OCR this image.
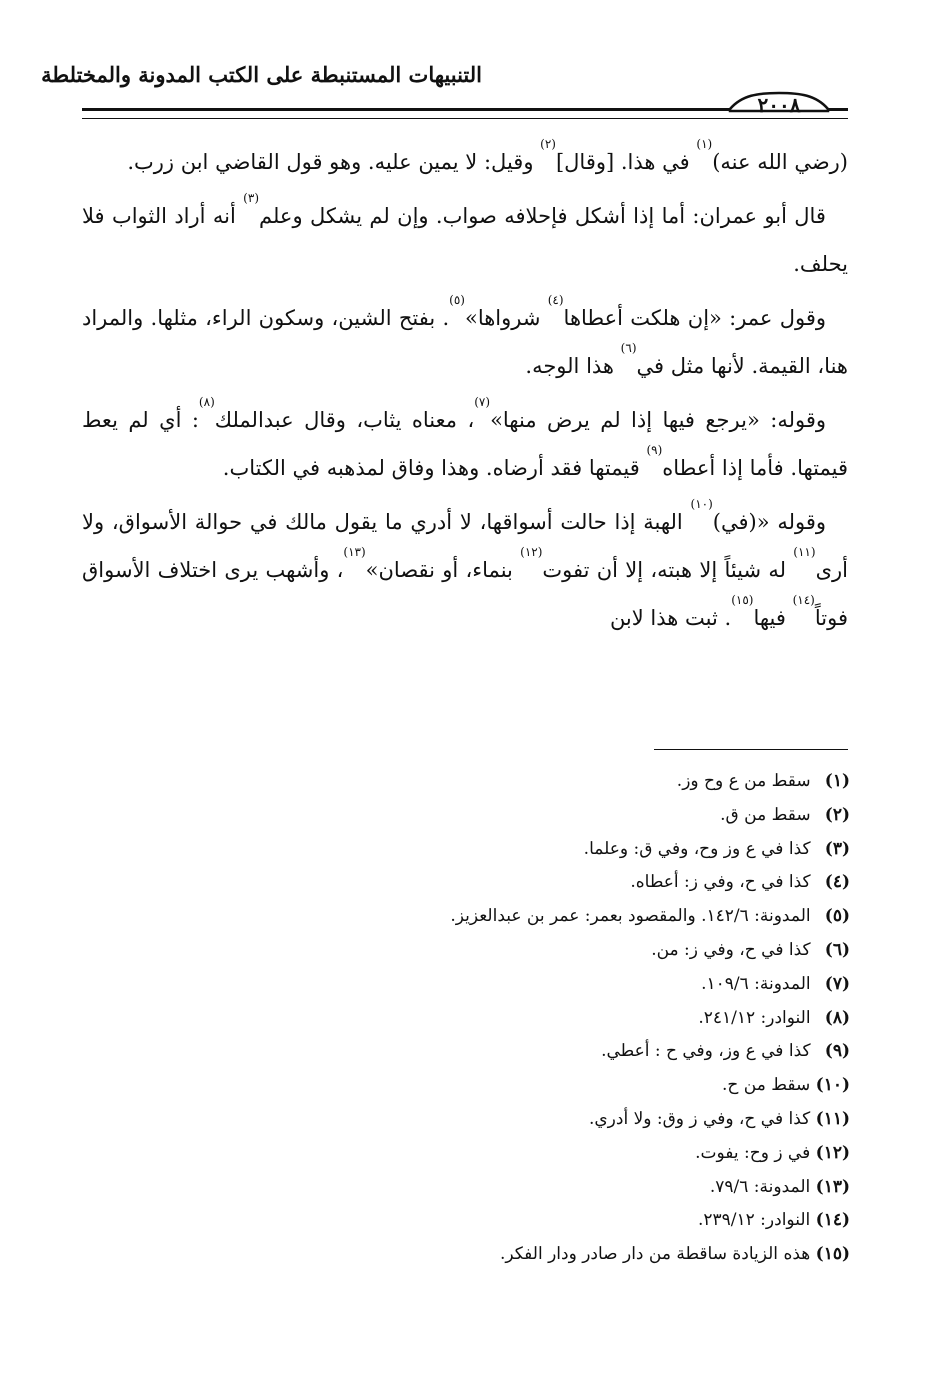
التنبيهات المستنبطة على الكتب المدونة والمختلطة
٢٠٠٨

(رضي الله عنه)$^{(١)}$ في هذا. [وقال]$^{(٢)}$ وقيل: لا يمين عليه. وهو قول القاضي ابن زرب.

قال أبو عمران: أما إذا أشكل فإحلافه صواب. وإن لم يشكل وعلم$^{(٣)}$ أنه أراد الثواب فلا يحلف.

وقول عمر: «إن هلكت أعطاها$^{(٤)}$ شرواها»$^{(٥)}$. بفتح الشين، وسكون الراء، مثلها. والمراد هنا، القيمة. لأنها مثل في$^{(٦)}$ هذا الوجه.

وقوله: «يرجع فيها إذا لم يرض منها»$^{(٧)}$، معناه يثاب، وقال عبدالملك$^{(٨)}$: أي لم يعط قيمتها. فأما إذا أعطاه$^{(٩)}$ قيمتها فقد أرضاه. وهذا وفاق لمذهبه في الكتاب.

وقوله «(في)$^{(١٠)}$ الهبة إذا حالت أسواقها، لا أدري ما يقول مالك في حوالة الأسواق، ولا أرى$^{(١١)}$ له شيئاً إلا هبته، إلا أن تفوت$^{(١٢)}$ بنماء، أو نقصان»$^{(١٣)}$، وأشهب يرى اختلاف الأسواق فوتاً$^{(١٤)}$ فيها$^{(١٥)}$. ثبت هذا لابن

(١) سقط من ع وح وز.
(٢) سقط من ق.
(٣) كذا في ع وز وح، وفي ق: وعلما.
(٤) كذا في ح، وفي ز: أعطاه.
(٥) المدونة: ١٤٢/٦. والمقصود بعمر: عمر بن عبدالعزيز.
(٦) كذا في ح، وفي ز: من.
(٧) المدونة: ١٠٩/٦.
(٨) النوادر: ٢٤١/١٢.
(٩) كذا في ع وز، وفي ح : أعطي.
(١٠) سقط من ح.
(١١) كذا في ح، وفي ز وق: ولا أدري.
(١٢) في ز وح: يفوت.
(١٣) المدونة: ٧٩/٦.
(١٤) النوادر: ٢٣٩/١٢.
(١٥) هذه الزيادة ساقطة من دار صادر ودار الفكر.
